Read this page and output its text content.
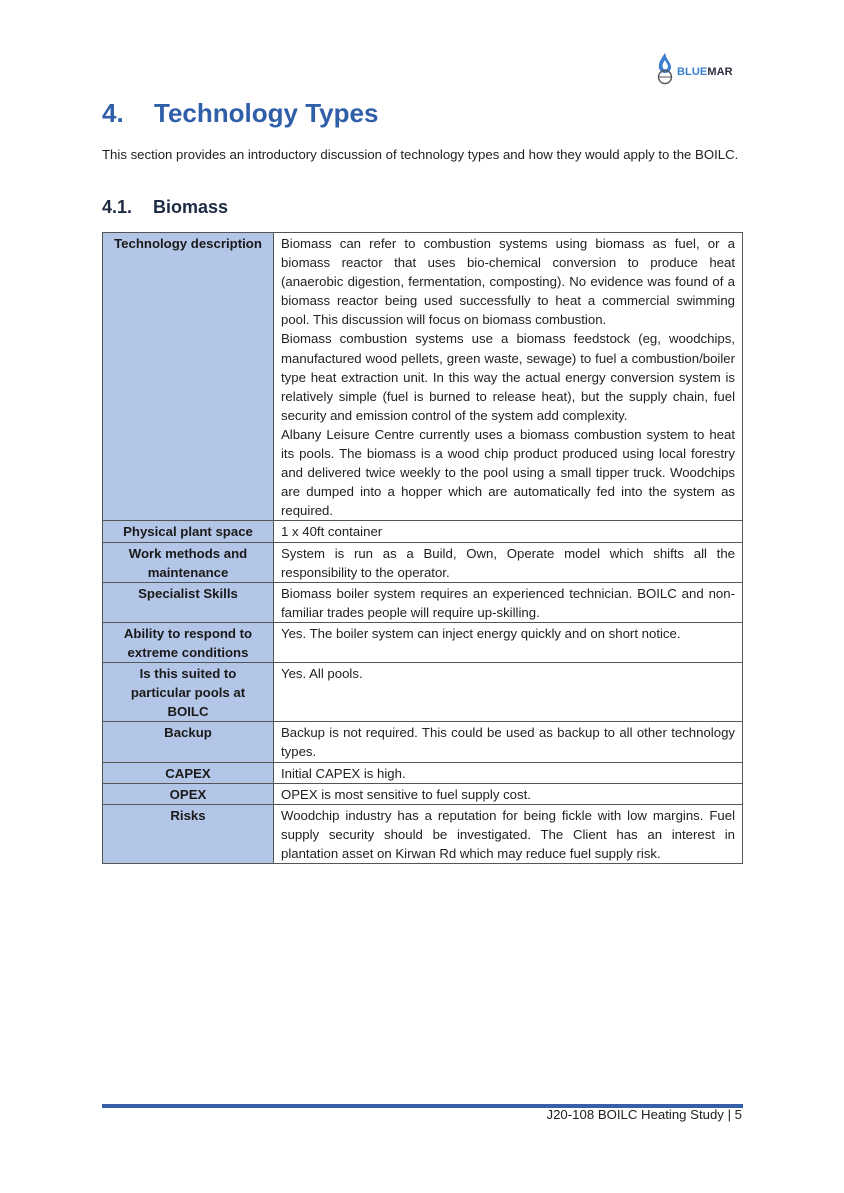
BLUEMAR
4. Technology Types

This section provides an introductory discussion of technology types and how they would apply to the BOILC.

4.1. Biomass
Technology description	Biomass can refer to combustion systems using biomass as fuel, or a biomass reactor that uses bio-chemical conversion to produce heat (anaerobic digestion, fermentation, composting). No evidence was found of a biomass reactor being used successfully to heat a commercial swimming pool. This discussion will focus on biomass combustion.

Biomass combustion systems use a biomass feedstock (eg, woodchips, manufactured wood pellets, green waste, sewage) to fuel a combustion/boiler type heat extraction unit. In this way the actual energy conversion system is relatively simple (fuel is burned to release heat), but the supply chain, fuel security and emission control of the system add complexity.

Albany Leisure Centre currently uses a biomass combustion system to heat its pools. The biomass is a wood chip product produced using local forestry and delivered twice weekly to the pool using a small tipper truck. Woodchips are dumped into a hopper which are automatically fed into the system as required.

Physical plant space	1 x 40ft container

Work methods and maintenance	System is run as a Build, Own, Operate model which shifts all the responsibility to the operator.

Specialist Skills	Biomass boiler system requires an experienced technician. BOILC and non-familiar trades people will require up-skilling.

Ability to respond to extreme conditions	Yes. The boiler system can inject energy quickly and on short notice.

Is this suited to particular pools at BOILC	Yes. All pools.

Backup	Backup is not required. This could be used as backup to all other technology types.

CAPEX	Initial CAPEX is high.

OPEX	OPEX is most sensitive to fuel supply cost.

Risks	Woodchip industry has a reputation for being fickle with low margins. Fuel supply security should be investigated. The Client has an interest in plantation asset on Kirwan Rd which may reduce fuel supply risk.

J20-108 BOILC Heating Study | 5
